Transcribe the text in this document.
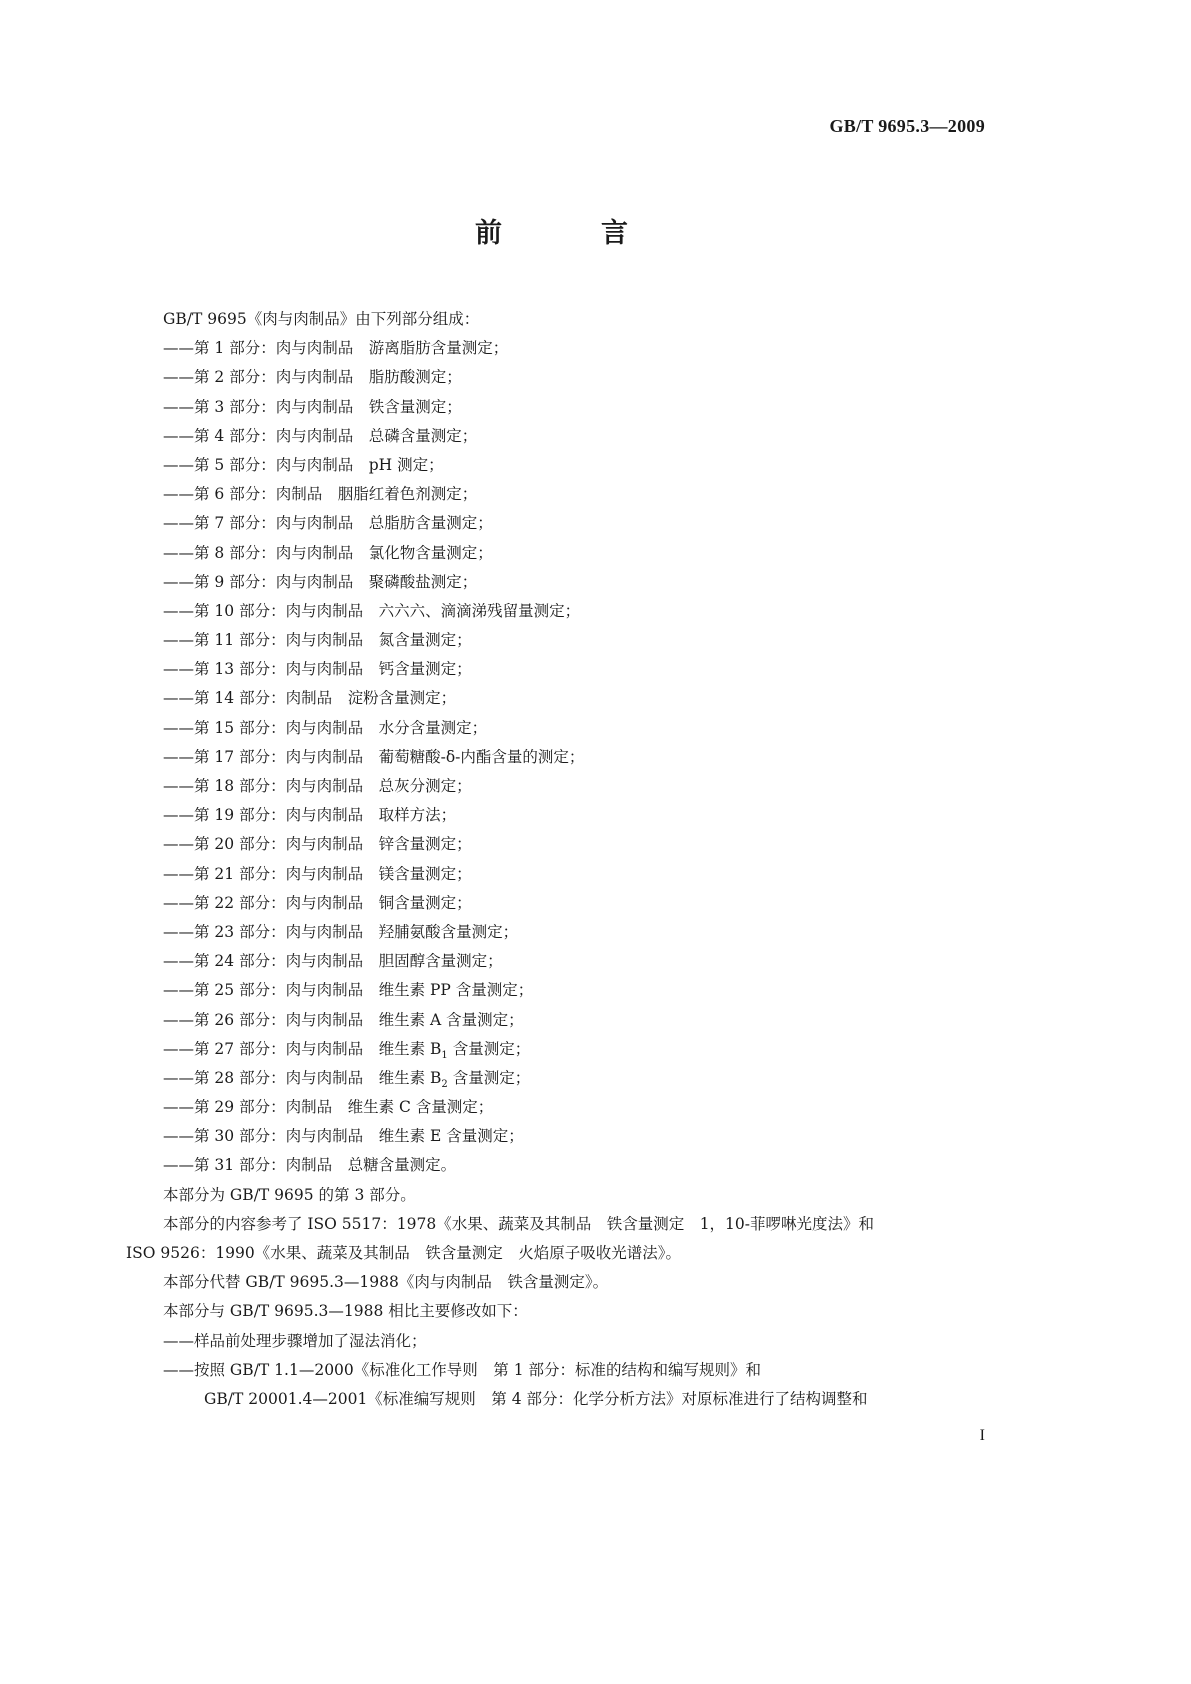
GB/T 9695.3—2009
前　言
GB/T 9695《肉与肉制品》由下列部分组成：
——第 1 部分：肉与肉制品　游离脂肪含量测定；
——第 2 部分：肉与肉制品　脂肪酸测定；
——第 3 部分：肉与肉制品　铁含量测定；
——第 4 部分：肉与肉制品　总磷含量测定；
——第 5 部分：肉与肉制品　pH 测定；
——第 6 部分：肉制品　胭脂红着色剂测定；
——第 7 部分：肉与肉制品　总脂肪含量测定；
——第 8 部分：肉与肉制品　氯化物含量测定；
——第 9 部分：肉与肉制品　聚磷酸盐测定；
——第 10 部分：肉与肉制品　六六六、滴滴涕残留量测定；
——第 11 部分：肉与肉制品　氮含量测定；
——第 13 部分：肉与肉制品　钙含量测定；
——第 14 部分：肉制品　淀粉含量测定；
——第 15 部分：肉与肉制品　水分含量测定；
——第 17 部分：肉与肉制品　葡萄糖酸-δ-内酯含量的测定；
——第 18 部分：肉与肉制品　总灰分测定；
——第 19 部分：肉与肉制品　取样方法；
——第 20 部分：肉与肉制品　锌含量测定；
——第 21 部分：肉与肉制品　镁含量测定；
——第 22 部分：肉与肉制品　铜含量测定；
——第 23 部分：肉与肉制品　羟脯氨酸含量测定；
——第 24 部分：肉与肉制品　胆固醇含量测定；
——第 25 部分：肉与肉制品　维生素 PP 含量测定；
——第 26 部分：肉与肉制品　维生素 A 含量测定；
——第 27 部分：肉与肉制品　维生素 $B_1$ 含量测定；
——第 28 部分：肉与肉制品　维生素 $B_2$ 含量测定；
——第 29 部分：肉制品　维生素 C 含量测定；
——第 30 部分：肉与肉制品　维生素 E 含量测定；
——第 31 部分：肉制品　总糖含量测定。
本部分为 GB/T 9695 的第 3 部分。
本部分的内容参考了 ISO 5517：1978《水果、蔬菜及其制品　铁含量测定　1，10-菲啰啉光度法》和
ISO 9526：1990《水果、蔬菜及其制品　铁含量测定　火焰原子吸收光谱法》。
本部分代替 GB/T 9695.3—1988《肉与肉制品　铁含量测定》。
本部分与 GB/T 9695.3—1988 相比主要修改如下：
——样品前处理步骤增加了湿法消化；
——按照 GB/T 1.1—2000《标准化工作导则　第 1 部分：标准的结构和编写规则》和
GB/T 20001.4—2001《标准编写规则　第 4 部分：化学分析方法》对原标准进行了结构调整和
I
